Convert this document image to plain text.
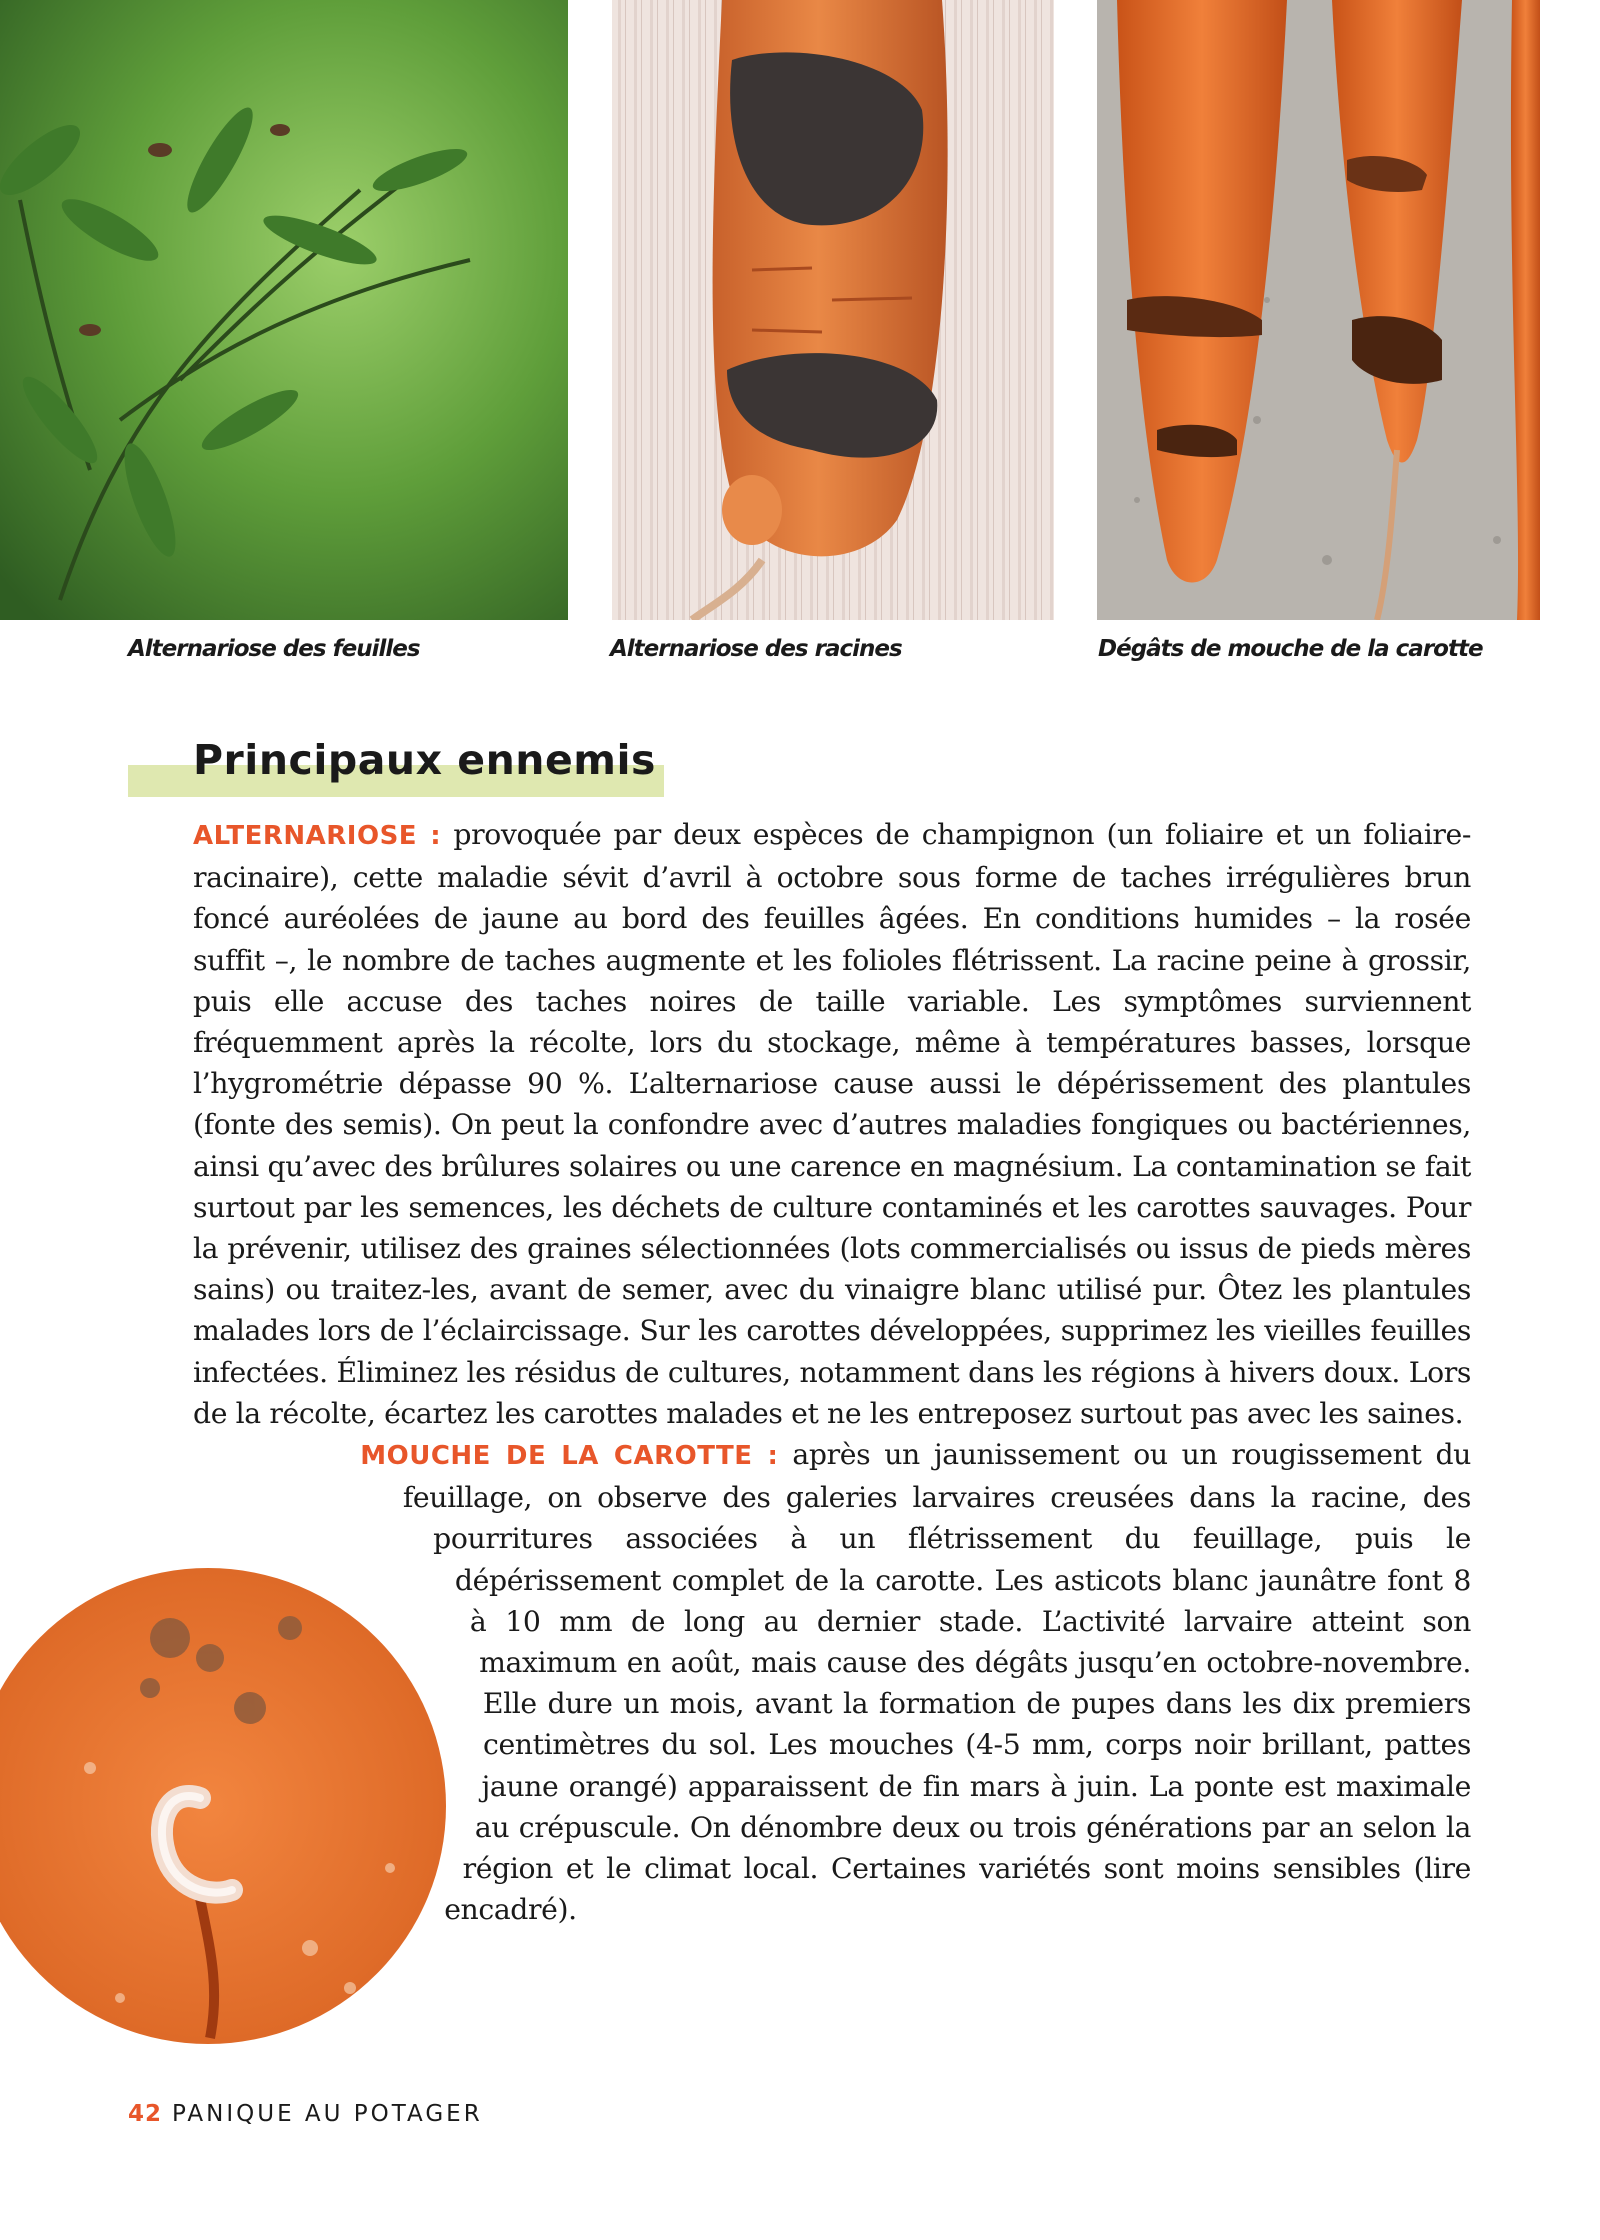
Alternariose des feuilles	Alternariose des racines	Dégâts de mouche de la carotte
Principaux ennemis

ALTERNARIOSE : provoquée par deux espèces de champignon (un foliaire et un foliaire-racinaire), cette maladie sévit d’avril à octobre sous forme de taches irrégulières brun foncé auréolées de jaune au bord des feuilles âgées. En conditions humides – la rosée suffit –, le nombre de taches augmente et les folioles flétrissent. La racine peine à grossir, puis elle accuse des taches noires de taille variable. Les symptômes surviennent fréquemment après la récolte, lors du stockage, même à températures basses, lorsque l’hygrométrie dépasse 90 %. L’alternariose cause aussi le dépérissement des plantules (fonte des semis). On peut la confondre avec d’autres maladies fongiques ou bactériennes, ainsi qu’avec des brûlures solaires ou une carence en magnésium. La contamination se fait surtout par les semences, les déchets de culture contaminés et les carottes sauvages. Pour la prévenir, utilisez des graines sélectionnées (lots commercialisés ou issus de pieds mères sains) ou traitez-les, avant de semer, avec du vinaigre blanc utilisé pur. Ôtez les plantules malades lors de l’éclaircissage. Sur les carottes développées, supprimez les vieilles feuilles infectées. Éliminez les résidus de cultures, notamment dans les régions à hivers doux. Lors de la récolte, écartez les carottes malades et ne les entreposez surtout pas avec les saines.

MOUCHE DE LA CAROTTE : après un jaunissement ou un rougissement du feuillage, on observe des galeries larvaires creusées dans la racine, des pourritures associées à un flétrissement du feuillage, puis le dépérissement complet de la carotte. Les asticots blanc jaunâtre font 8 à 10 mm de long au dernier stade. L’activité larvaire atteint son maximum en août, mais cause des dégâts jusqu’en octobre-novembre. Elle dure un mois, avant la formation de pupes dans les dix premiers centimètres du sol. Les mouches (4-5 mm, corps noir brillant, pattes jaune orangé) apparaissent de fin mars à juin. La ponte est maximale au crépuscule. On dénombre deux ou trois générations par an selon la région et le climat local. Certaines variétés sont moins sensibles (lire encadré).

42 PANIQUE AU POTAGER
